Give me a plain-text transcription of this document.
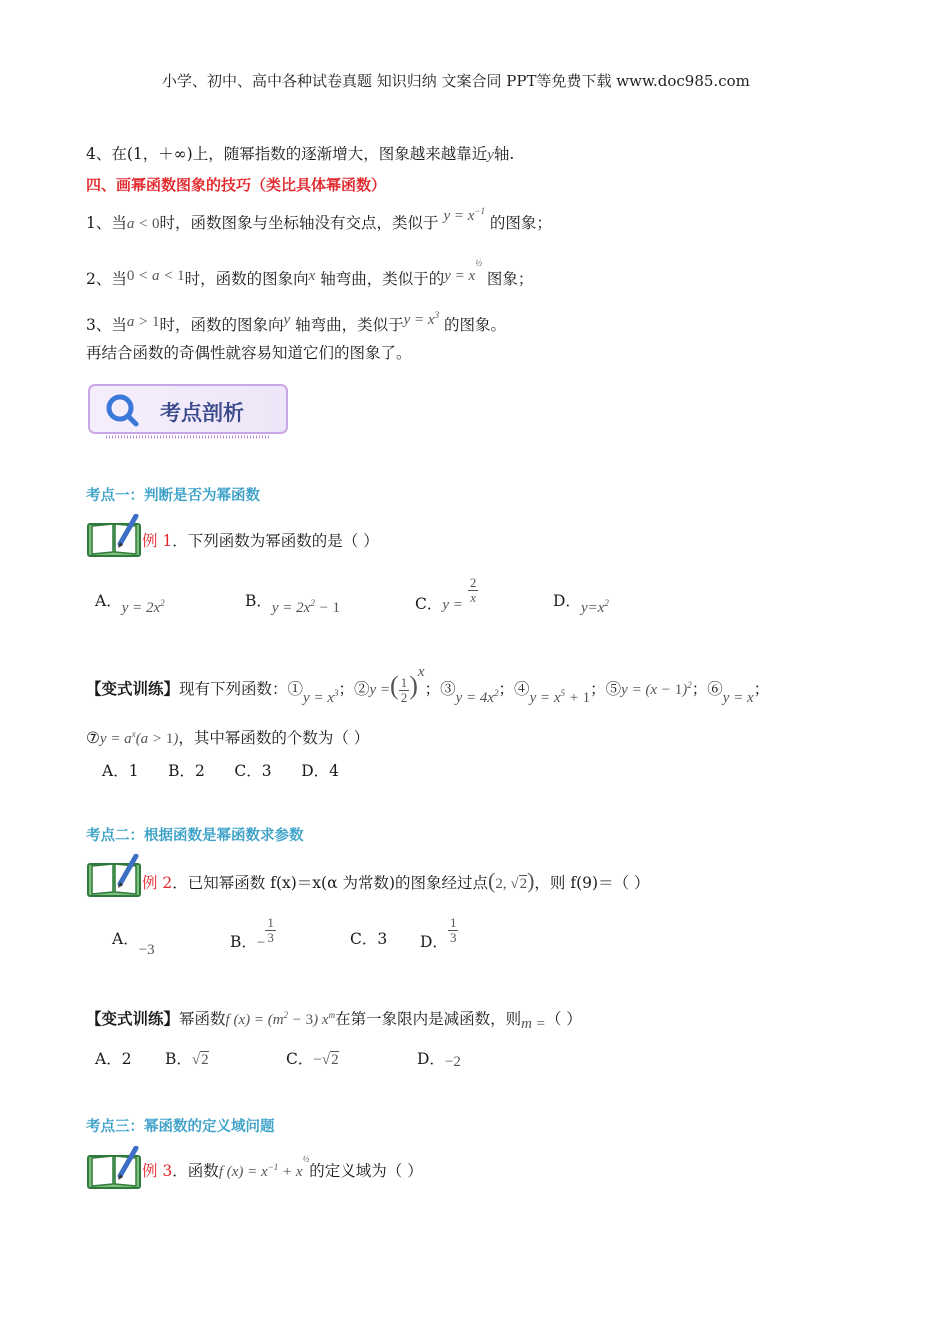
小学、初中、高中各种试卷真题 知识归纳 文案合同 PPT等免费下载 www.doc985.com
4、在(1，＋∞)上，随幂指数的逐渐增大，图象越来越靠近y轴.
四、画幂函数图象的技巧（类比具体幂函数）
1、当a < 0时，函数图象与坐标轴没有交点，类似于 $y = x^{-1}$ 的图象；
2、当0 < a < 1时，函数的图象向x 轴弯曲，类似于的$y = x^{\frac{1}{2}}$ 图象；
3、当a > 1时，函数的图象向y 轴弯曲，类似于$y = x^3$ 的图象。
再结合函数的奇偶性就容易知道它们的图象了。
考点剖析
考点一：判断是否为幂函数
例 1．下列函数为幂函数的是（ ）
A．$y = 2x^2$	B．$y = 2x^2 - 1$	C．$y = \frac{2}{x}$	D．$y=x^2$
【变式训练】现有下列函数：①y = $x^3$；②y =( $\frac{1}{2} )^x$；③y = $4x^2$；④y = $x^5 + 1$；⑤y = $(x - 1)^2$；⑥y = x；
⑦y = $a^x(a > 1)$，其中幂函数的个数为（ ）
A．1      B．2      C．3      D．4
考点二：根据函数是幂函数求参数
例 2．已知幂函数 f(x)＝x(α 为常数)的图象经过点(2, √2)，则 f(9)＝（ ）
A．−3	B．− $\frac{1}{3}$	C．3 D． $\frac{1}{3}$
【变式训练】幂函数f $(x) = (m^2 - 3)$ $x^m$在第一象限内是减函数，则m =（ ）
A．2 B．√2	C．−√2	D．−2
考点三：幂函数的定义域问题
例 3．函数f $(x) = x^{-1} + x^{\frac{1}{2}}$的定义域为（ ）
